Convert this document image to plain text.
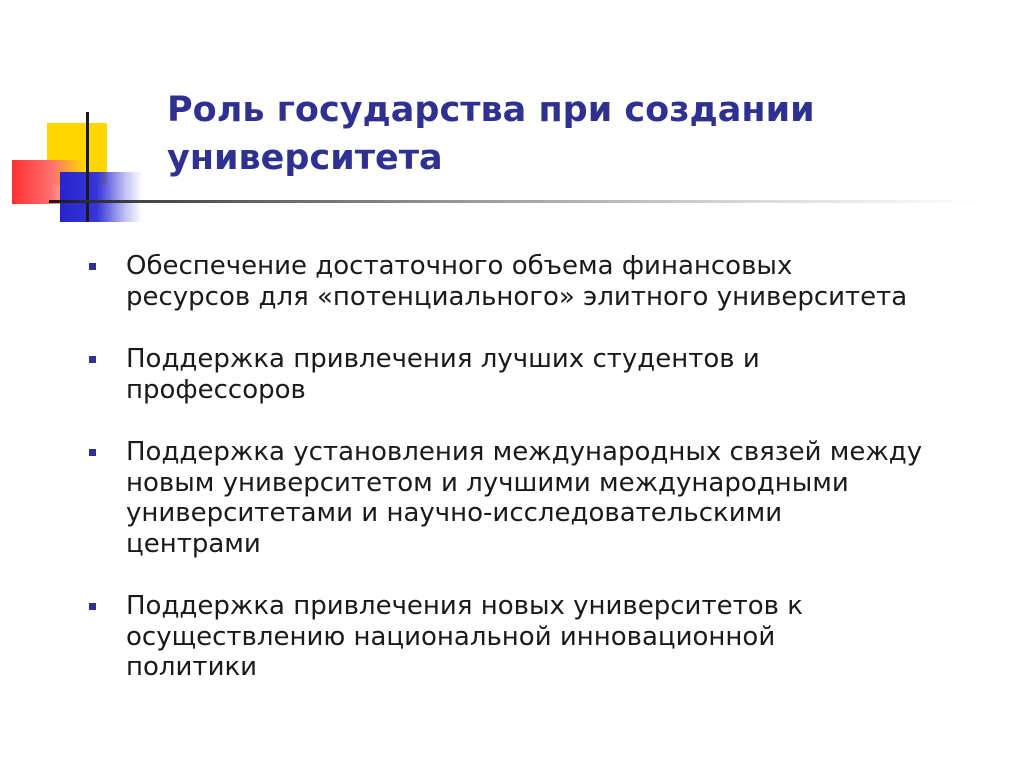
Роль государства при создании
университета
Обеспечение достаточного объема финансовых
ресурсов для «потенциального» элитного университета
Поддержка привлечения лучших студентов и
профессоров
Поддержка установления международных связей между
новым университетом и лучшими международными
университетами и научно-исследовательскими
центрами
Поддержка привлечения новых университетов к
осуществлению национальной инновационной
политики
